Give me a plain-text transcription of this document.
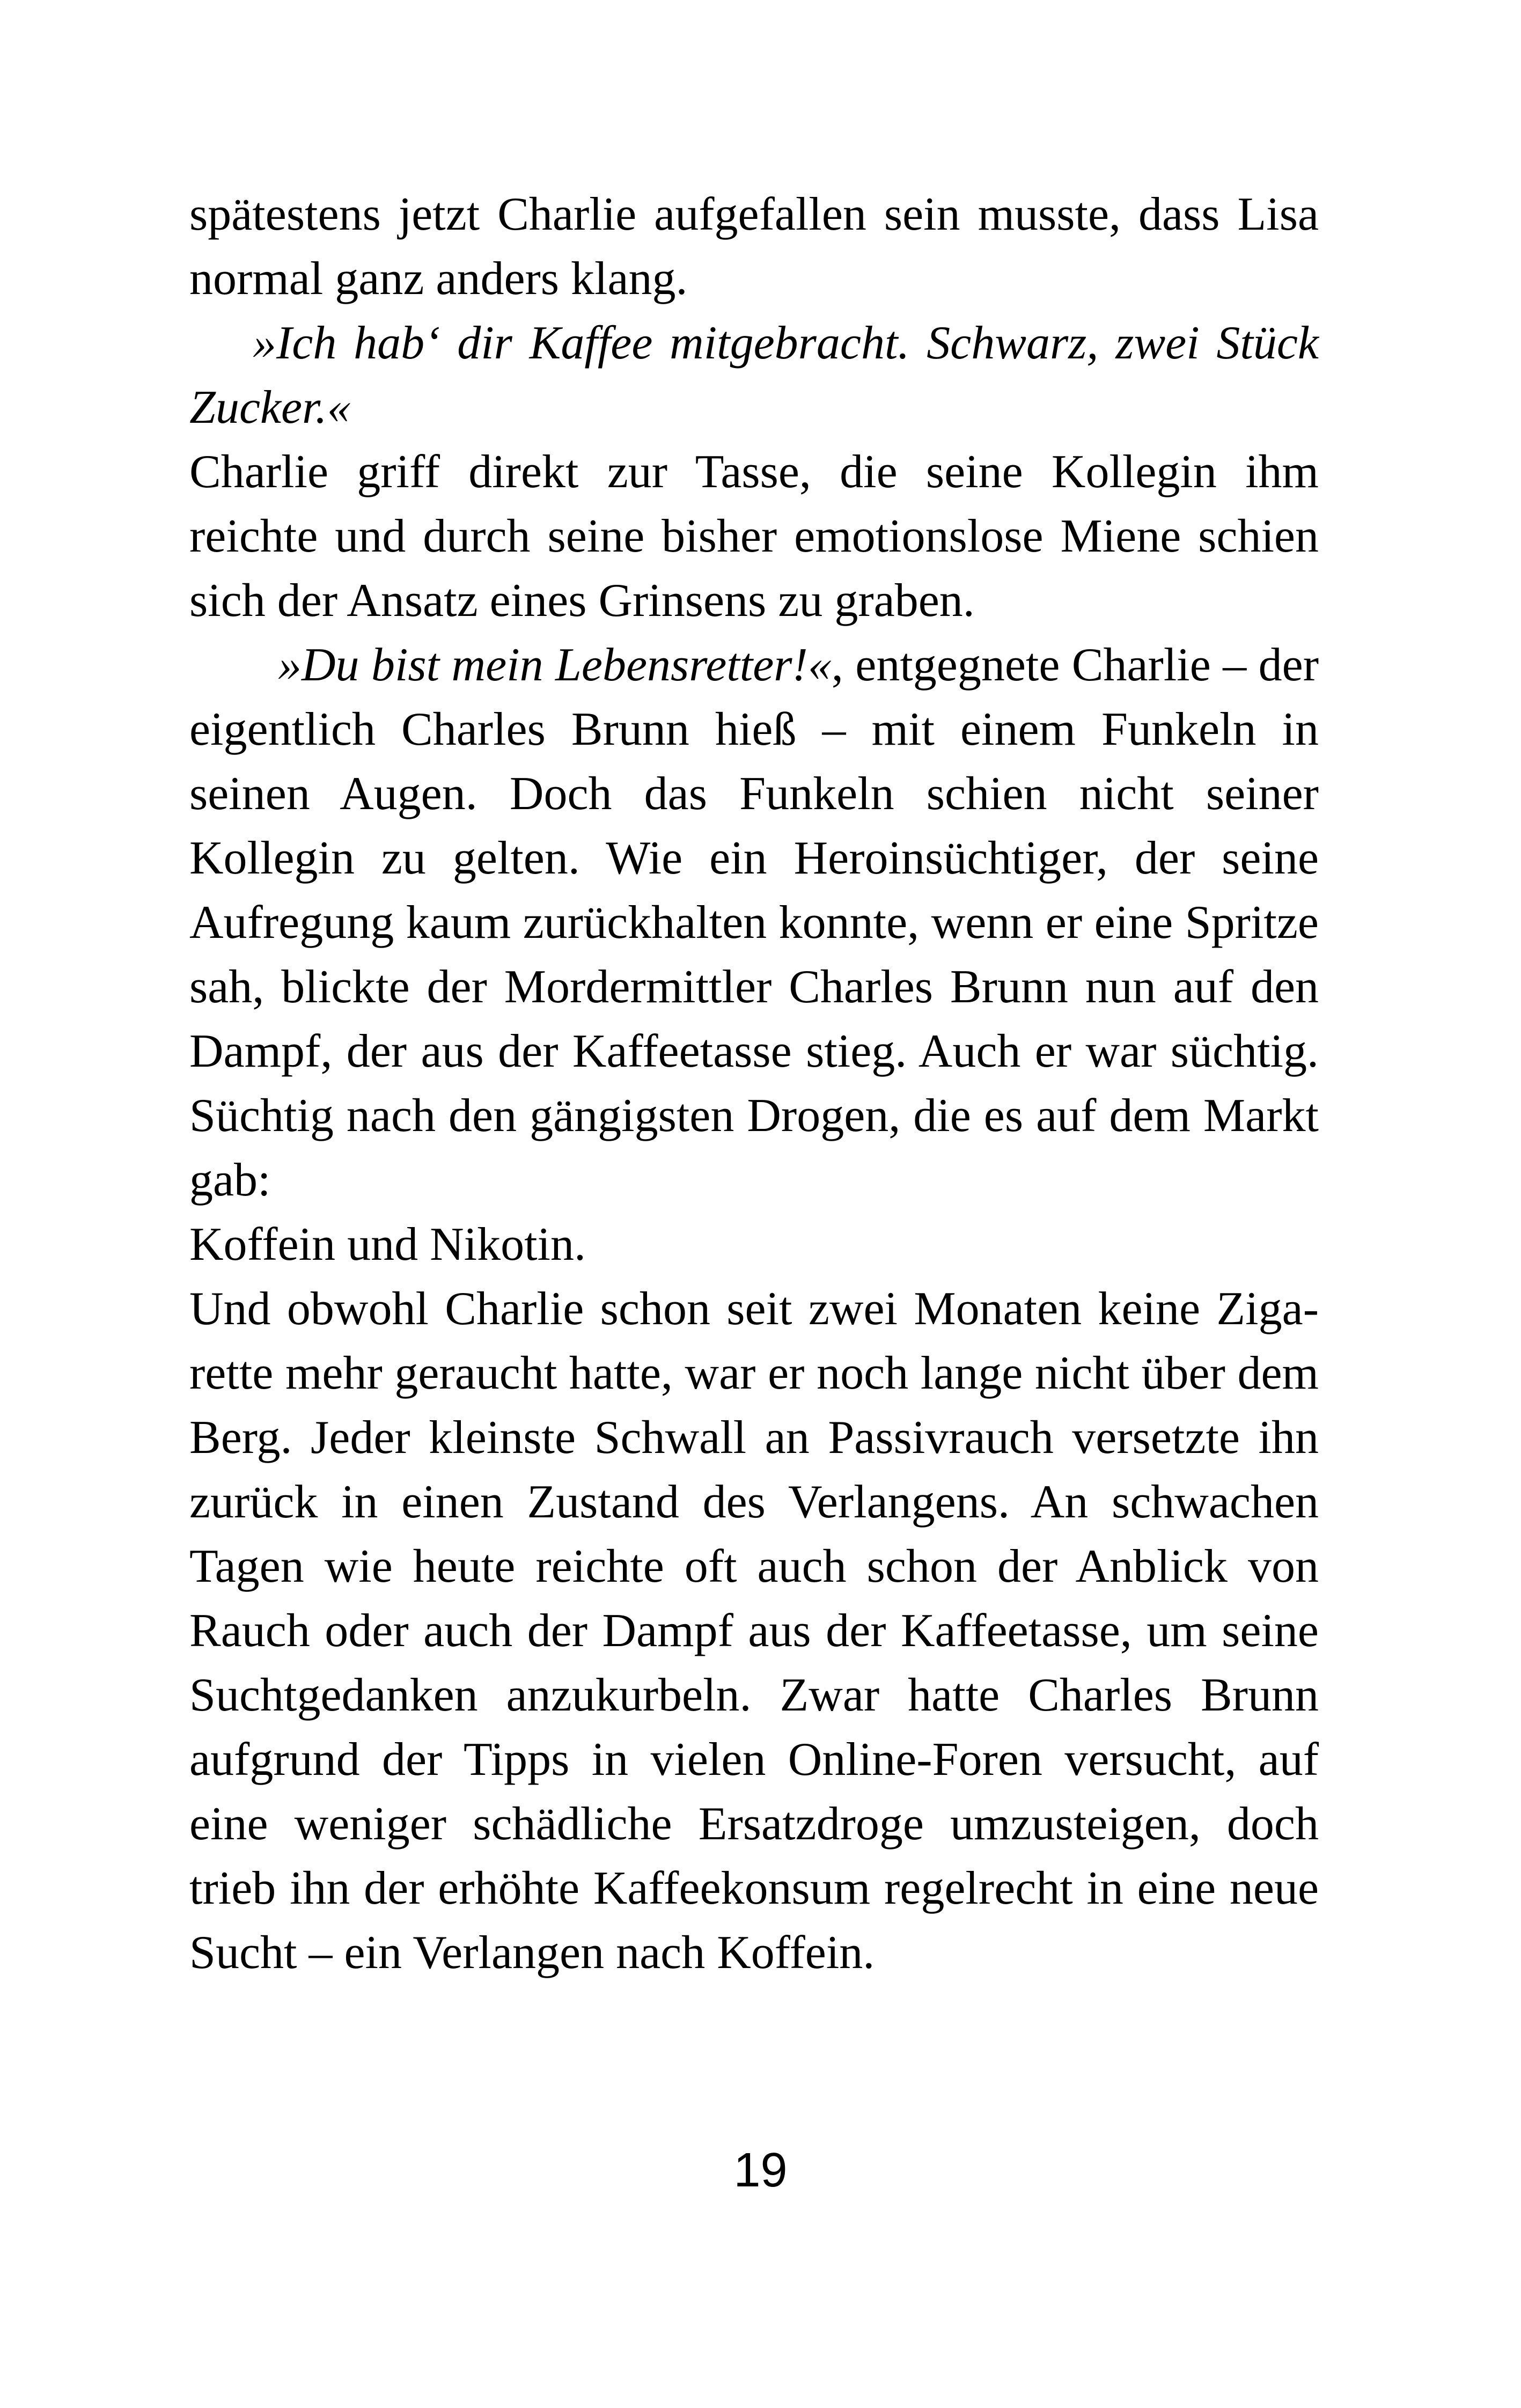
spätestens jetzt Charlie aufgefallen sein musste, dass Lisa normal ganz anders klang.

»Ich hab‘ dir Kaffee mitgebracht. Schwarz, zwei Stück Zucker.«

Charlie griff direkt zur Tasse, die seine Kollegin ihm reichte und durch seine bisher emotionslose Miene schien sich der Ansatz eines Grinsens zu graben.

»Du bist mein Lebensretter!«, entgegnete Charlie – der eigentlich Charles Brunn hieß – mit einem Funkeln in seinen Augen. Doch das Funkeln schien nicht seiner Kollegin zu gelten. Wie ein Heroinsüchtiger, der seine Aufregung kaum zurückhalten konnte, wenn er eine Spritze sah, blickte der Mordermittler Charles Brunn nun auf den Dampf, der aus der Kaffeetasse stieg. Auch er war süchtig. Süchtig nach den gängigsten Drogen, die es auf dem Markt gab:

Koffein und Nikotin.

Und obwohl Charlie schon seit zwei Monaten keine Zigarette mehr geraucht hatte, war er noch lange nicht über dem Berg. Jeder kleinste Schwall an Passivrauch versetzte ihn zurück in einen Zustand des Verlangens. An schwachen Tagen wie heute reichte oft auch schon der Anblick von Rauch oder auch der Dampf aus der Kaffeetasse, um seine Suchtgedanken anzukurbeln. Zwar hatte Charles Brunn aufgrund der Tipps in vielen Online-Foren versucht, auf eine weniger schädliche Ersatzdroge umzusteigen, doch trieb ihn der erhöhte Kaffeekonsum regelrecht in eine neue Sucht – ein Verlangen nach Koffein.

19
